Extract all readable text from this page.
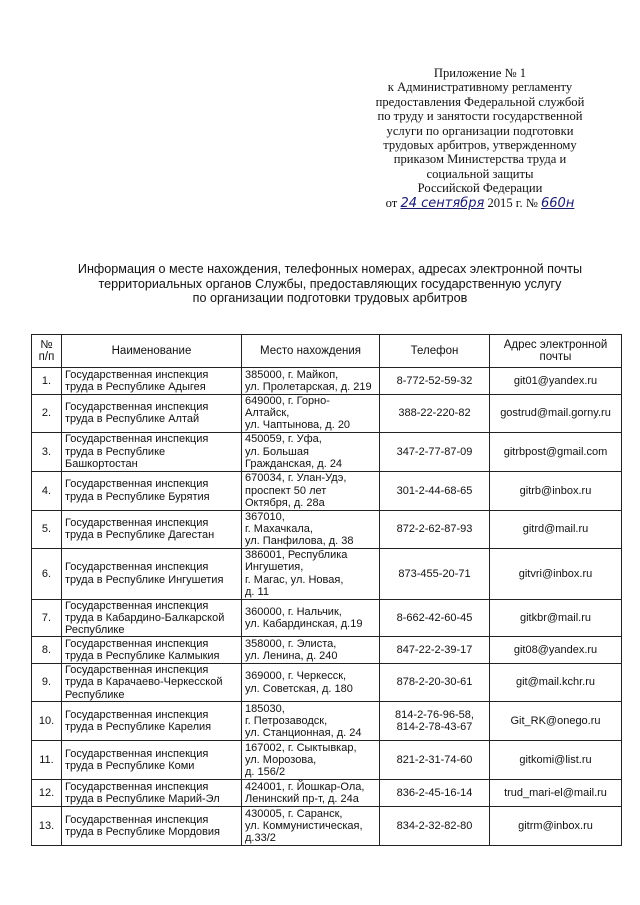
Приложение № 1
к Административному регламенту
предоставления Федеральной службой
по труду и занятости государственной
услуги по организации подготовки
трудовых арбитров, утвержденному
приказом Министерства труда и
социальной защиты
Российской Федерации
от 24 сентября 2015 г. № 660н
Информация о месте нахождения, телефонных номерах, адресах электронной почты
территориальных органов Службы, предоставляющих государственную услугу
по организации подготовки трудовых арбитров
№ п/п	Наименование	Место нахождения	Телефон	Адрес электронной почты
1.	Государственная инспекция
труда в Республике Адыгея	385000, г. Майкоп,
ул. Пролетарская, д. 219	8-772-52-59-32	git01@yandex.ru
2.	Государственная инспекция
труда в Республике Алтай	649000, г. Горно-
Алтайск,
ул. Чаптынова, д. 20	388-22-220-82	gostrud@mail.gorny.ru
3.	Государственная инспекция
труда в Республике
Башкортостан	450059, г. Уфа,
ул. Большая
Гражданская, д. 24	347-2-77-87-09	gitrbpost@gmail.com
4.	Государственная инспекция
труда в Республике Бурятия	670034, г. Улан-Удэ,
проспект 50 лет
Октября, д. 28а	301-2-44-68-65	gitrb@inbox.ru
5.	Государственная инспекция
труда в Республике Дагестан	367010,
г. Махачкала,
ул. Панфилова, д. 38	872-2-62-87-93	gitrd@mail.ru
6.	Государственная инспекция
труда в Республике Ингушетия	386001, Республика
Ингушетия,
г. Магас, ул. Новая,
д. 11	873-455-20-71	gitvri@inbox.ru
7.	Государственная инспекция
труда в Кабардино-Балкарской
Республике	360000, г. Нальчик,
ул. Кабардинская, д.19	8-662-42-60-45	gitkbr@mail.ru
8.	Государственная инспекция
труда в Республике Калмыкия	358000, г. Элиста,
ул. Ленина, д. 240	847-22-2-39-17	git08@yandex.ru
9.	Государственная инспекция
труда в Карачаево-Черкесской
Республике	369000, г. Черкесск,
ул. Советская, д. 180	878-2-20-30-61	git@mail.kchr.ru
10.	Государственная инспекция
труда в Республике Карелия	185030,
г. Петрозаводск,
ул. Станционная, д. 24	814-2-76-96-58,
814-2-78-43-67	Git_RK@onego.ru
11.	Государственная инспекция
труда в Республике Коми	167002, г. Сыктывкар,
ул. Морозова,
д. 156/2	821-2-31-74-60	gitkomi@list.ru
12.	Государственная инспекция
труда в Республике Марий-Эл	424001, г. Йошкар-Ола,
Ленинский пр-т, д. 24а	836-2-45-16-14	trud_mari-el@mail.ru
13.	Государственная инспекция
труда в Республике Мордовия	430005, г. Саранск,
ул. Коммунистическая,
д.33/2	834-2-32-82-80	gitrm@inbox.ru
